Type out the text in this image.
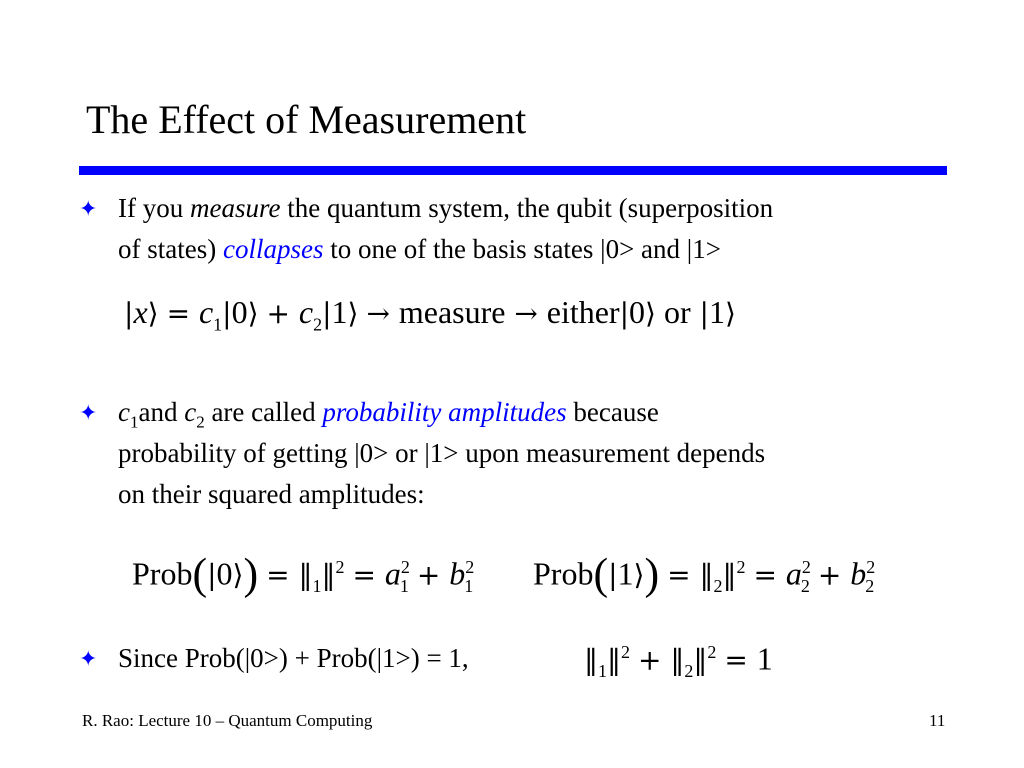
The Effect of Measurement
✦ If you measure the quantum system, the qubit (superposition
of states) collapses to one of the basis states |0> and |1>
|x⟩ = $c_1|0⟩$ + $c_2|1⟩$ → measure → either|0⟩ or |1⟩
✦ $c_1and$ $c_2$ are called probability amplitudes because
probability of getting |0> or |1> upon measurement depends
on their squared amplitudes:
Prob(|0⟩) = $‖_1‖^2 = a^2_1 + b^2_1$ Prob(|1⟩) = $‖_2‖^2 = a^2_2 + b^2_2$
✦ Since Prob(|0>) + Prob(|1>) = 1,	$‖_1‖^2$ + $‖_2‖^2 = 1$
R. Rao: Lecture 10 – Quantum Computing	11
